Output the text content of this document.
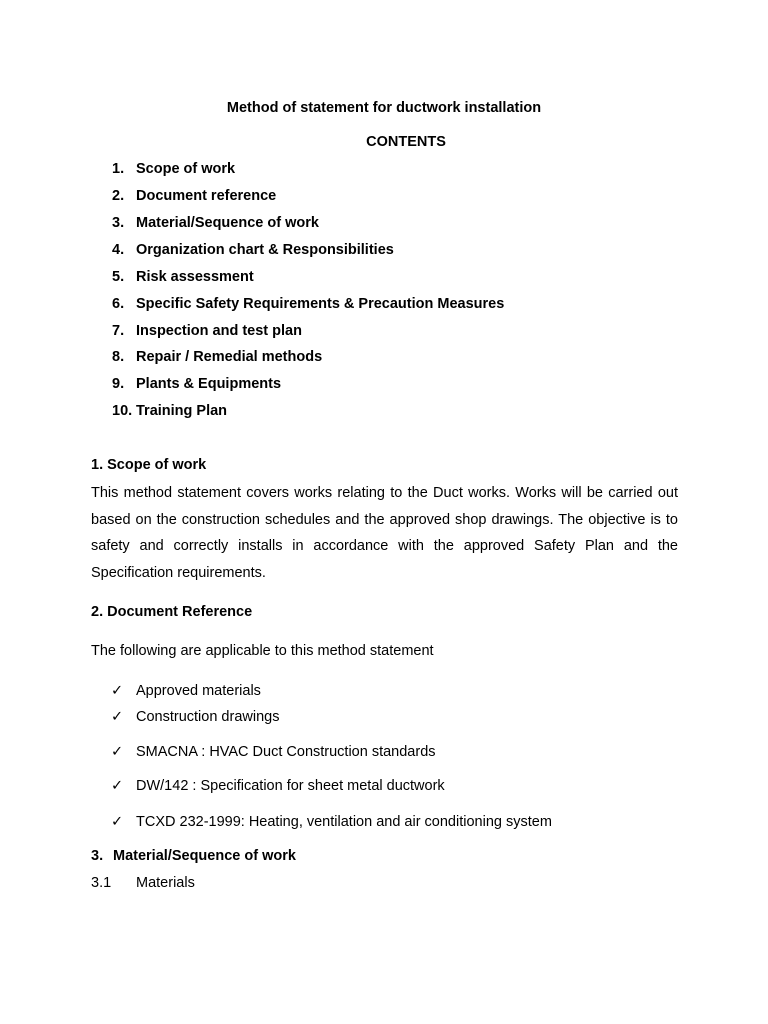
Method of statement for ductwork installation
CONTENTS
1. Scope of work
2. Document reference
3. Material/Sequence of work
4. Organization chart & Responsibilities
5. Risk assessment
6. Specific Safety Requirements & Precaution Measures
7. Inspection and test plan
8. Repair / Remedial methods
9. Plants & Equipments
10. Training Plan
1. Scope of work
This method statement covers works relating to the Duct works. Works will be carried out based on the construction schedules and the approved shop drawings. The objective is to safety and correctly installs in accordance with the approved Safety Plan and the Specification requirements.
2. Document Reference
The following are applicable to this method statement
✓ Approved materials
✓ Construction drawings
✓ SMACNA : HVAC Duct Construction standards
✓ DW/142 : Specification for sheet metal ductwork
✓ TCXD 232-1999: Heating, ventilation and air conditioning system
3. Material/Sequence of work
3.1 Materials
